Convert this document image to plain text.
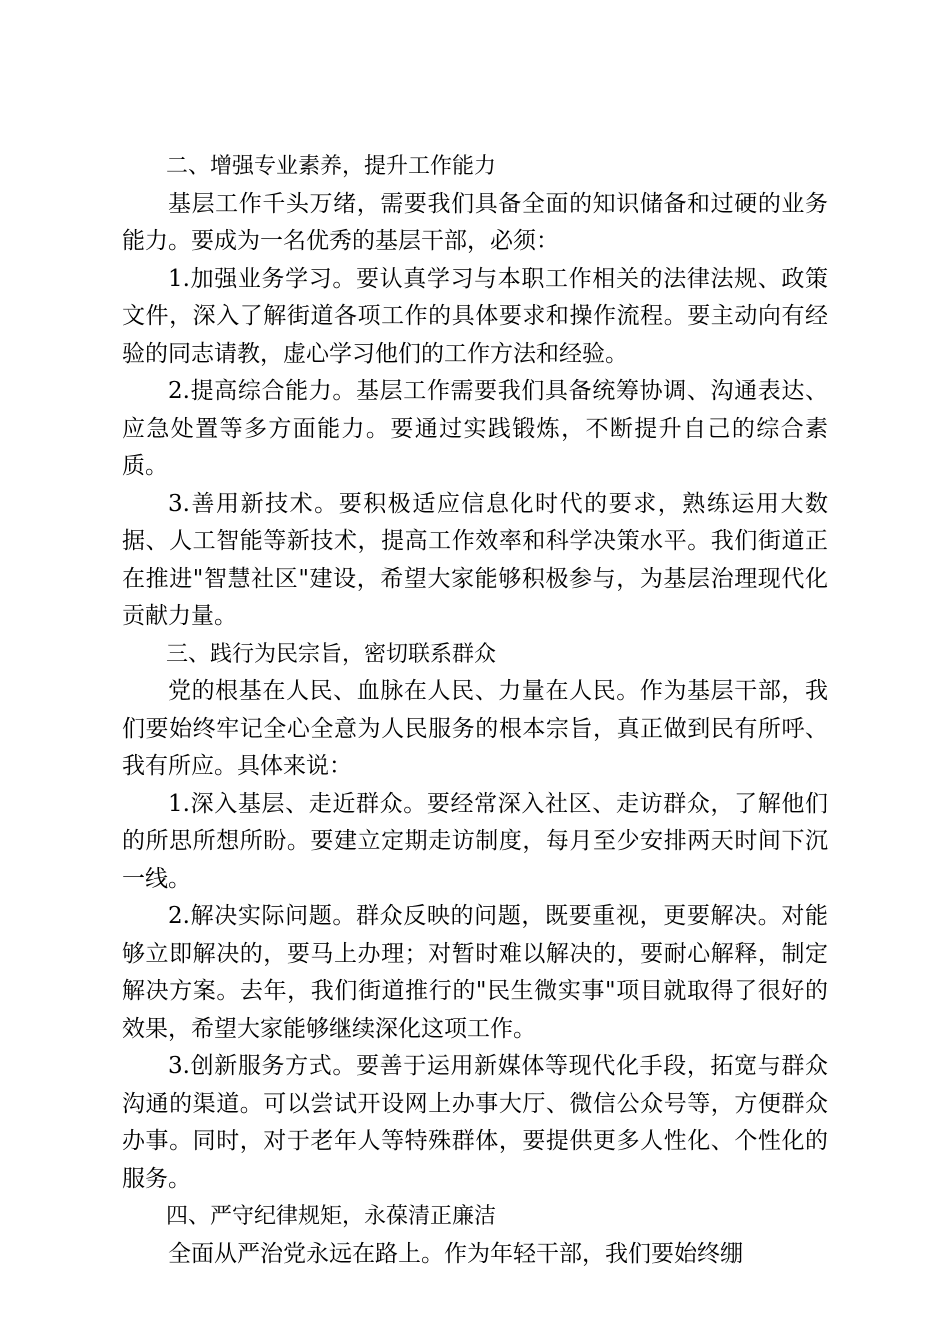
二、增强专业素养，提升工作能力

基层工作千头万绪，需要我们具备全面的知识储备和过硬的业务能力。要成为一名优秀的基层干部，必须：

1.加强业务学习。要认真学习与本职工作相关的法律法规、政策文件，深入了解街道各项工作的具体要求和操作流程。要主动向有经验的同志请教，虚心学习他们的工作方法和经验。

2.提高综合能力。基层工作需要我们具备统筹协调、沟通表达、应急处置等多方面能力。要通过实践锻炼，不断提升自己的综合素质。

3.善用新技术。要积极适应信息化时代的要求，熟练运用大数据、人工智能等新技术，提高工作效率和科学决策水平。我们街道正在推进"智慧社区"建设，希望大家能够积极参与，为基层治理现代化贡献力量。

三、践行为民宗旨，密切联系群众

党的根基在人民、血脉在人民、力量在人民。作为基层干部，我们要始终牢记全心全意为人民服务的根本宗旨，真正做到民有所呼、我有所应。具体来说：

1.深入基层、走近群众。要经常深入社区、走访群众，了解他们的所思所想所盼。要建立定期走访制度，每月至少安排两天时间下沉一线。

2.解决实际问题。群众反映的问题，既要重视，更要解决。对能够立即解决的，要马上办理；对暂时难以解决的，要耐心解释，制定解决方案。去年，我们街道推行的"民生微实事"项目就取得了很好的效果，希望大家能够继续深化这项工作。

3.创新服务方式。要善于运用新媒体等现代化手段，拓宽与群众沟通的渠道。可以尝试开设网上办事大厅、微信公众号等，方便群众办事。同时，对于老年人等特殊群体，要提供更多人性化、个性化的服务。

四、严守纪律规矩，永葆清正廉洁

全面从严治党永远在路上。作为年轻干部，我们要始终绷
